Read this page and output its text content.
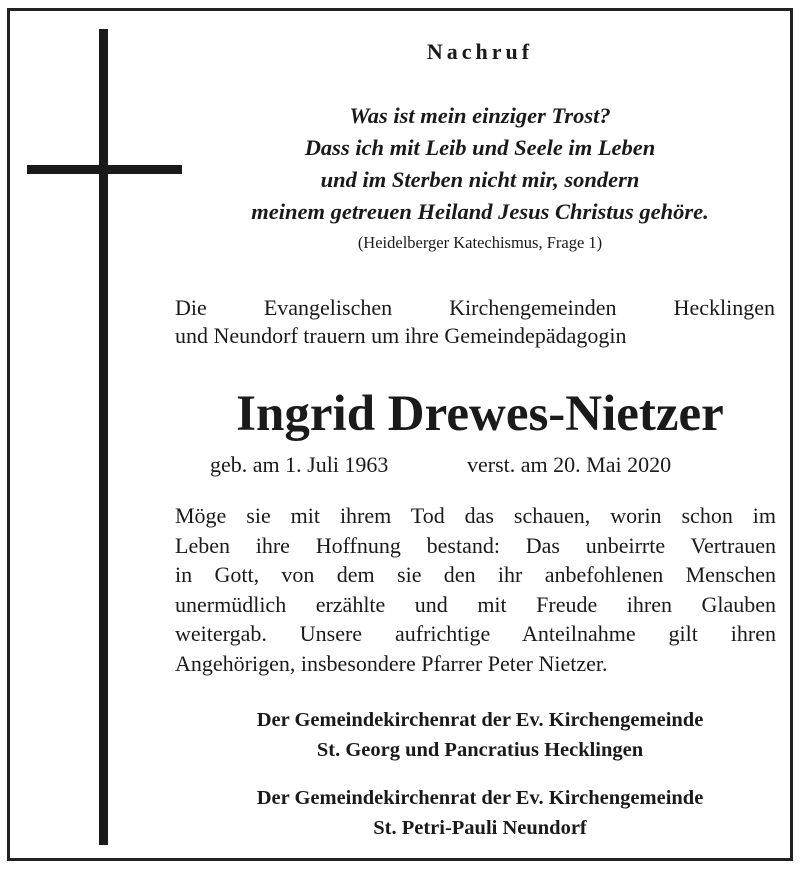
Nachruf
Was ist mein einziger Trost?
Dass ich mit Leib und Seele im Leben
und im Sterben nicht mir, sondern
meinem getreuen Heiland Jesus Christus gehöre.
(Heidelberger Katechismus, Frage 1)
Die Evangelischen Kirchengemeinden Hecklingen
und Neundorf trauern um ihre Gemeindepädagogin
Ingrid Drewes-Nietzer
geb. am 1. Juli 1963	verst. am 20. Mai 2020
Möge sie mit ihrem Tod das schauen, worin schon im
Leben ihre Hoffnung bestand: Das unbeirrte Vertrauen
in Gott, von dem sie den ihr anbefohlenen Menschen
unermüdlich erzählte und mit Freude ihren Glauben
weitergab. Unsere aufrichtige Anteilnahme gilt ihren
Angehörigen, insbesondere Pfarrer Peter Nietzer.
Der Gemeindekirchenrat der Ev. Kirchengemeinde
St. Georg und Pancratius Hecklingen
Der Gemeindekirchenrat der Ev. Kirchengemeinde
St. Petri-Pauli Neundorf
